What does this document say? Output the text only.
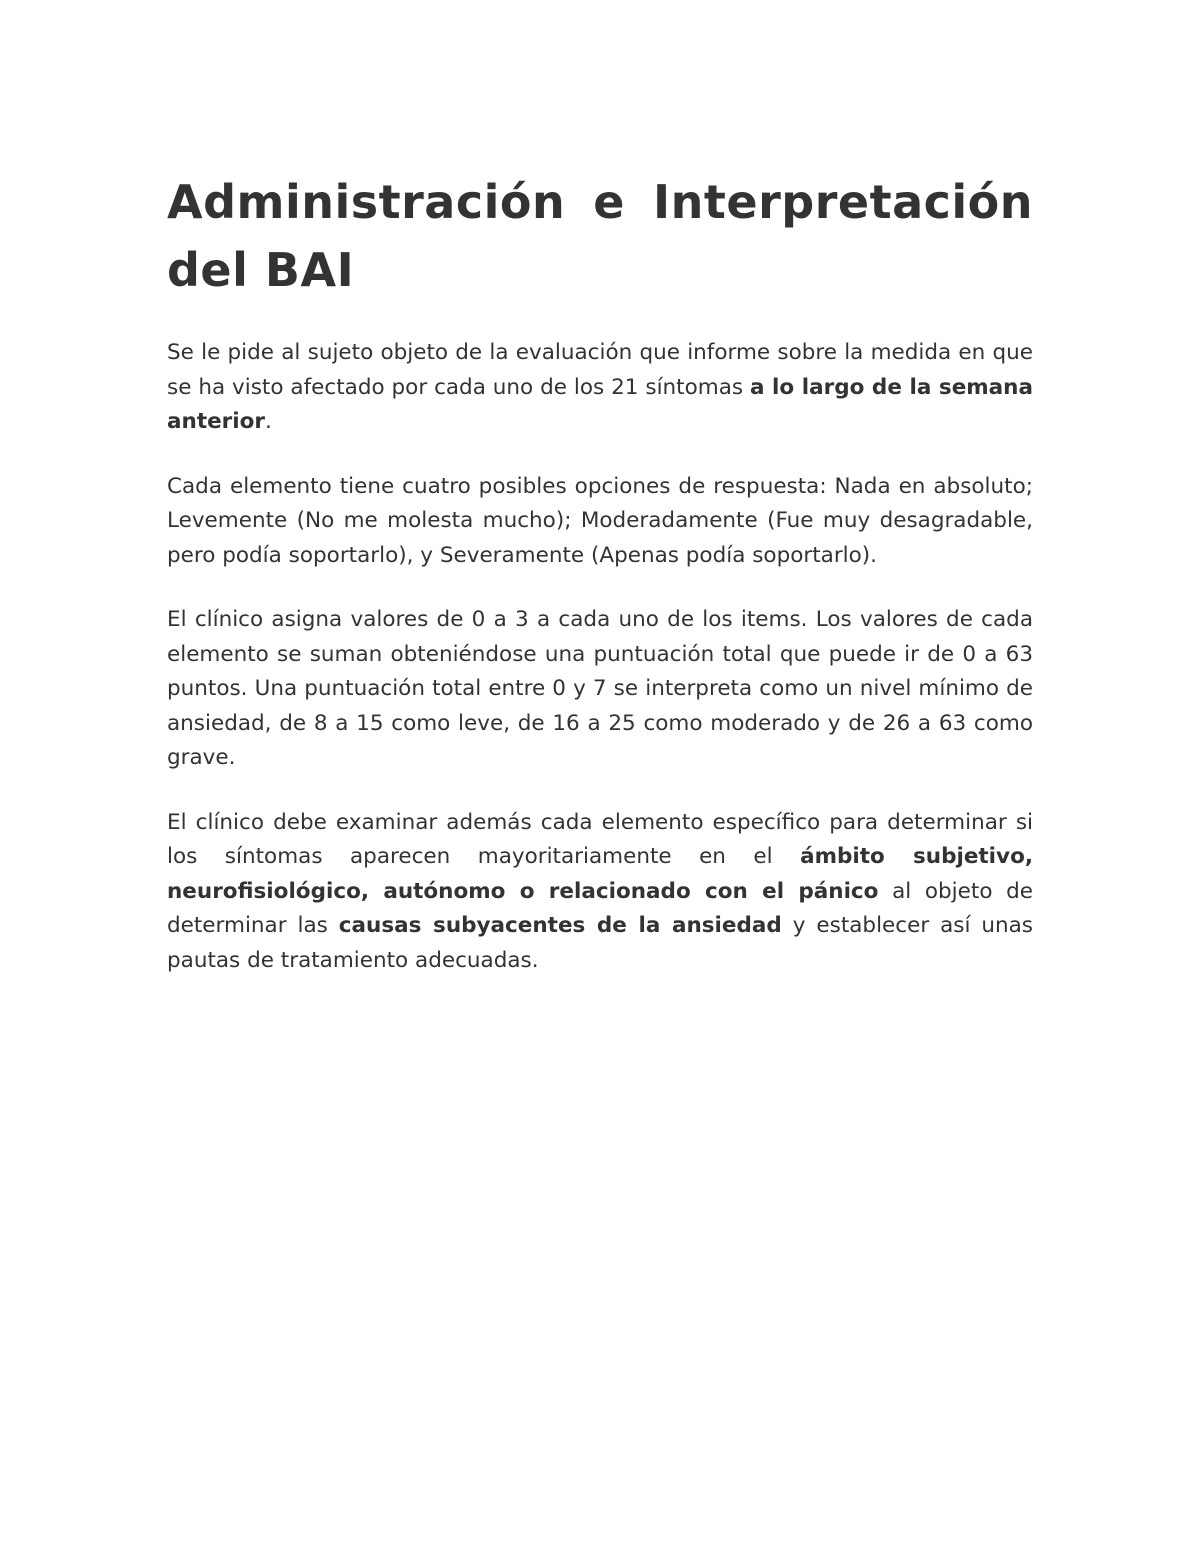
Administración e Interpretación del BAI

Se le pide al sujeto objeto de la evaluación que informe sobre la medida en que se ha visto afectado por cada uno de los 21 síntomas a lo largo de la semana anterior.

Cada elemento tiene cuatro posibles opciones de respuesta: Nada en absoluto; Levemente (No me molesta mucho); Moderadamente (Fue muy desagradable, pero podía soportarlo), y Severamente (Apenas podía soportarlo).

El clínico asigna valores de 0 a 3 a cada uno de los items. Los valores de cada elemento se suman obteniéndose una puntuación total que puede ir de 0 a 63 puntos. Una puntuación total entre 0 y 7 se interpreta como un nivel mínimo de ansiedad, de 8 a 15 como leve, de 16 a 25 como moderado y de 26 a 63 como grave.

El clínico debe examinar además cada elemento específico para determinar si los síntomas aparecen mayoritariamente en el ámbito subjetivo, neurofisiológico, autónomo o relacionado con el pánico al objeto de determinar las causas subyacentes de la ansiedad y establecer así unas pautas de tratamiento adecuadas.
